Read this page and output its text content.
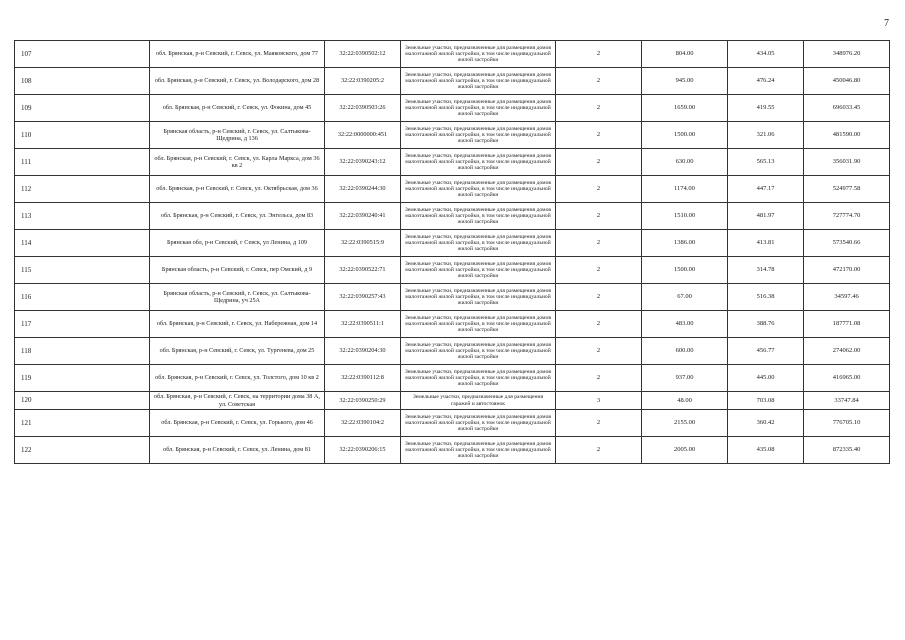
7
107	обл. Брянская, р-н Севский, г. Севск, ул. Маяковского, дом 77	32:22:0390502:12	Земельные участки, предназначенные для размещения домов малоэтажной жилой застройки, в том числе индивидуальной жилой застройки	2	804.00	434.05	348976.20
108	обл. Брянская, р-н Севский, г. Севск, ул. Володарского, дом 28	32:22:0390205:2	Земельные участки, предназначенные для размещения домов малоэтажной жилой застройки, в том числе индивидуальной жилой застройки	2	945.00	476.24	450046.80
109	обл. Брянская, р-н Севский, г. Севск, ул. Фокина, дом 45	32:22:0390503:26	Земельные участки, предназначенные для размещения домов малоэтажной жилой застройки, в том числе индивидуальной жилой застройки	2	1659.00	419.55	696033.45
110	Брянская область, р-н Севский, г. Севск, ул. Салтыкова-Щедрина, д 136	32:22:0000000:451	Земельные участки, предназначенные для размещения домов малоэтажной жилой застройки, в том числе индивидуальной жилой застройки	2	1500.00	321.06	481590.00
111	обл. Брянская, р-н Севский, г. Севск, ул. Карла Маркса, дом 36 кв 2	32:22:0390243:12	Земельные участки, предназначенные для размещения домов малоэтажной жилой застройки, в том числе индивидуальной жилой застройки	2	630.00	565.13	356031.90
112	обл. Брянская, р-н Севский, г. Севск, ул. Октябрьская, дом 36	32:22:0390244:30	Земельные участки, предназначенные для размещения домов малоэтажной жилой застройки, в том числе индивидуальной жилой застройки	2	1174.00	447.17	524977.58
113	обл. Брянская, р-н Севский, г. Севск, ул. Энгельса, дом 83	32:22:0390240:41	Земельные участки, предназначенные для размещения домов малоэтажной жилой застройки, в том числе индивидуальной жилой застройки	2	1510.00	481.97	727774.70
114	Брянская обл, р-н Севский, г Севск, ул Ленина, д 109	32:22:0390515:9	Земельные участки, предназначенные для размещения домов малоэтажной жилой застройки, в том числе индивидуальной жилой застройки	2	1386.00	413.81	573540.66
115	Брянская область, р-н Севский, г. Севск, пер Омский, д 9	32:22:0390522:71	Земельные участки, предназначенные для размещения домов малоэтажной жилой застройки, в том числе индивидуальной жилой застройки	2	1500.00	314.78	472170.00
116	Брянская область, р-н Севский, г. Севск, ул. Салтыкова-Щедрина, уч 25А	32:22:0390257:43	Земельные участки, предназначенные для размещения домов малоэтажной жилой застройки, в том числе индивидуальной жилой застройки	2	67.00	516.38	34597.46
117	обл. Брянская, р-н Севский, г. Севск, ул. Набережная, дом 14	32:22:0390511:1	Земельные участки, предназначенные для размещения домов малоэтажной жилой застройки, в том числе индивидуальной жилой застройки	2	483.00	388.76	187771.08
118	обл. Брянская, р-н Севский, г. Севск, ул. Тургенева, дом 25	32:22:0390204:30	Земельные участки, предназначенные для размещения домов малоэтажной жилой застройки, в том числе индивидуальной жилой застройки	2	600.00	456.77	274062.00
119	обл. Брянская, р-н Севский, г. Севск, ул. Толстого, дом 10 кв 2	32:22:0390112:8	Земельные участки, предназначенные для размещения домов малоэтажной жилой застройки, в том числе индивидуальной жилой застройки	2	937.00	445.00	416965.00
120	обл. Брянская, р-н Севский, г. Севск, на территории дома 38 А, ул. Советская	32:22:0390250:29	Земельные участки, предназначенные для размещения гаражей и автостоянок	3	48.00	703.08	33747.84
121	обл. Брянская, р-н Севский, г. Севск, ул. Горького, дом 46	32:22:0390104:2	Земельные участки, предназначенные для размещения домов малоэтажной жилой застройки, в том числе индивидуальной жилой застройки	2	2155.00	360.42	776705.10
122	обл. Брянская, р-н Севский, г. Севск, ул. Ленина, дом 81	32:22:0390206:15	Земельные участки, предназначенные для размещения домов малоэтажной жилой застройки, в том числе индивидуальной жилой застройки	2	2005.00	435.08	872335.40
